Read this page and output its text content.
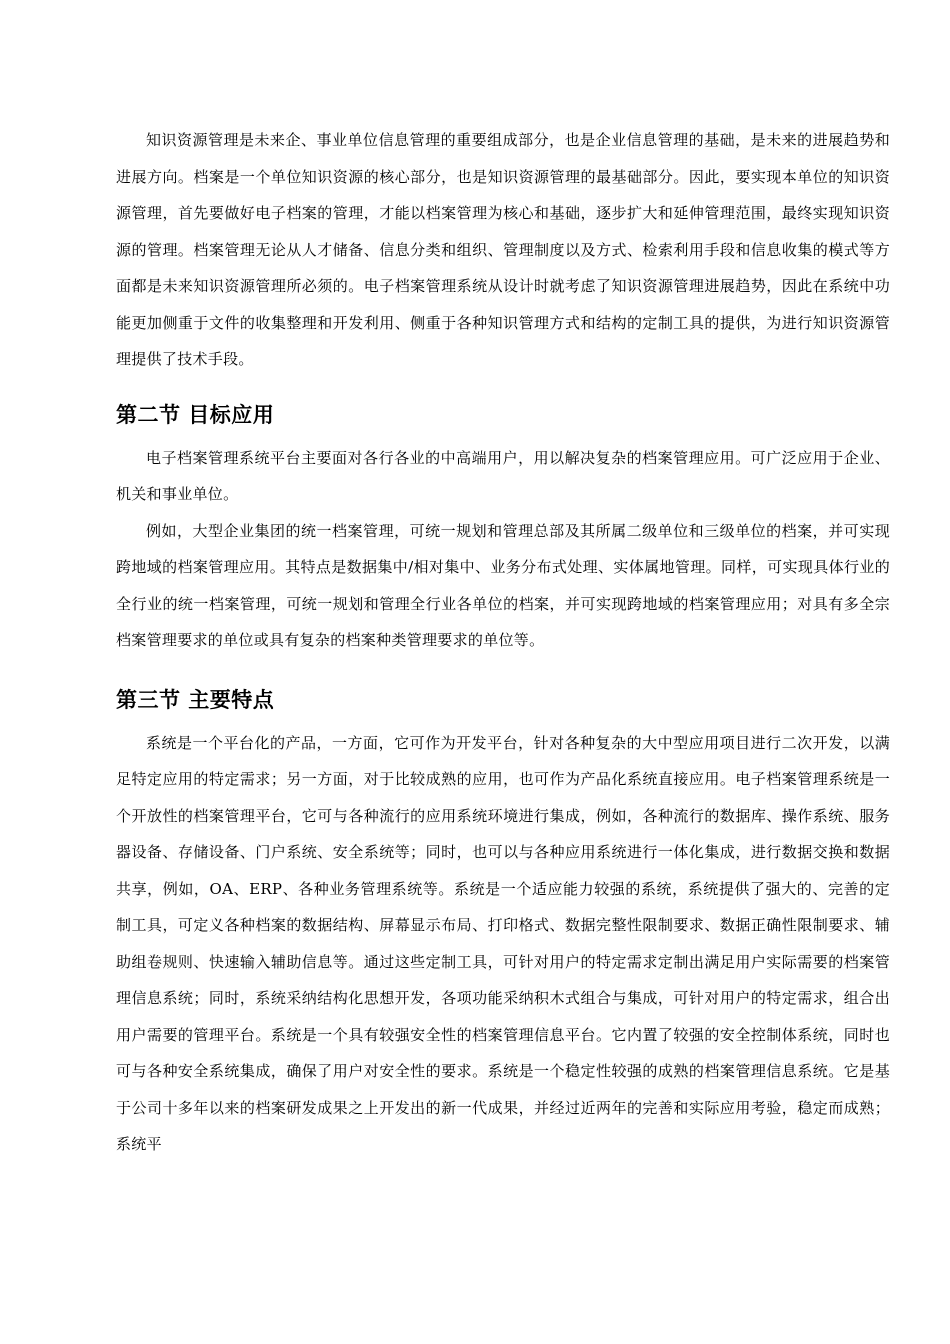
知识资源管理是未来企、事业单位信息管理的重要组成部分，也是企业信息管理的基础，是未来的进展趋势和进展方向。档案是一个单位知识资源的核心部分，也是知识资源管理的最基础部分。因此，要实现本单位的知识资源管理，首先要做好电子档案的管理，才能以档案管理为核心和基础，逐步扩大和延伸管理范围，最终实现知识资源的管理。档案管理无论从人才储备、信息分类和组织、管理制度以及方式、检索利用手段和信息收集的模式等方面都是未来知识资源管理所必须的。电子档案管理系统从设计时就考虑了知识资源管理进展趋势，因此在系统中功能更加侧重于文件的收集整理和开发利用、侧重于各种知识管理方式和结构的定制工具的提供，为进行知识资源管理提供了技术手段。

第二节 目标应用

电子档案管理系统平台主要面对各行各业的中高端用户，用以解决复杂的档案管理应用。可广泛应用于企业、机关和事业单位。

例如，大型企业集团的统一档案管理，可统一规划和管理总部及其所属二级单位和三级单位的档案，并可实现跨地域的档案管理应用。其特点是数据集中/相对集中、业务分布式处理、实体属地管理。同样，可实现具体行业的全行业的统一档案管理，可统一规划和管理全行业各单位的档案，并可实现跨地域的档案管理应用；对具有多全宗档案管理要求的单位或具有复杂的档案种类管理要求的单位等。

第三节 主要特点

系统是一个平台化的产品，一方面，它可作为开发平台，针对各种复杂的大中型应用项目进行二次开发，以满足特定应用的特定需求；另一方面，对于比较成熟的应用，也可作为产品化系统直接应用。电子档案管理系统是一个开放性的档案管理平台，它可与各种流行的应用系统环境进行集成，例如，各种流行的数据库、操作系统、服务器设备、存储设备、门户系统、安全系统等；同时，也可以与各种应用系统进行一体化集成，进行数据交换和数据共享，例如，OA、ERP、各种业务管理系统等。系统是一个适应能力较强的系统，系统提供了强大的、完善的定制工具，可定义各种档案的数据结构、屏幕显示布局、打印格式、数据完整性限制要求、数据正确性限制要求、辅助组卷规则、快速输入辅助信息等。通过这些定制工具，可针对用户的特定需求定制出满足用户实际需要的档案管理信息系统；同时，系统采纳结构化思想开发，各项功能采纳积木式组合与集成，可针对用户的特定需求，组合出用户需要的管理平台。系统是一个具有较强安全性的档案管理信息平台。它内置了较强的安全控制体系统，同时也可与各种安全系统集成，确保了用户对安全性的要求。系统是一个稳定性较强的成熟的档案管理信息系统。它是基于公司十多年以来的档案研发成果之上开发出的新一代成果，并经过近两年的完善和实际应用考验，稳定而成熟；系统平
